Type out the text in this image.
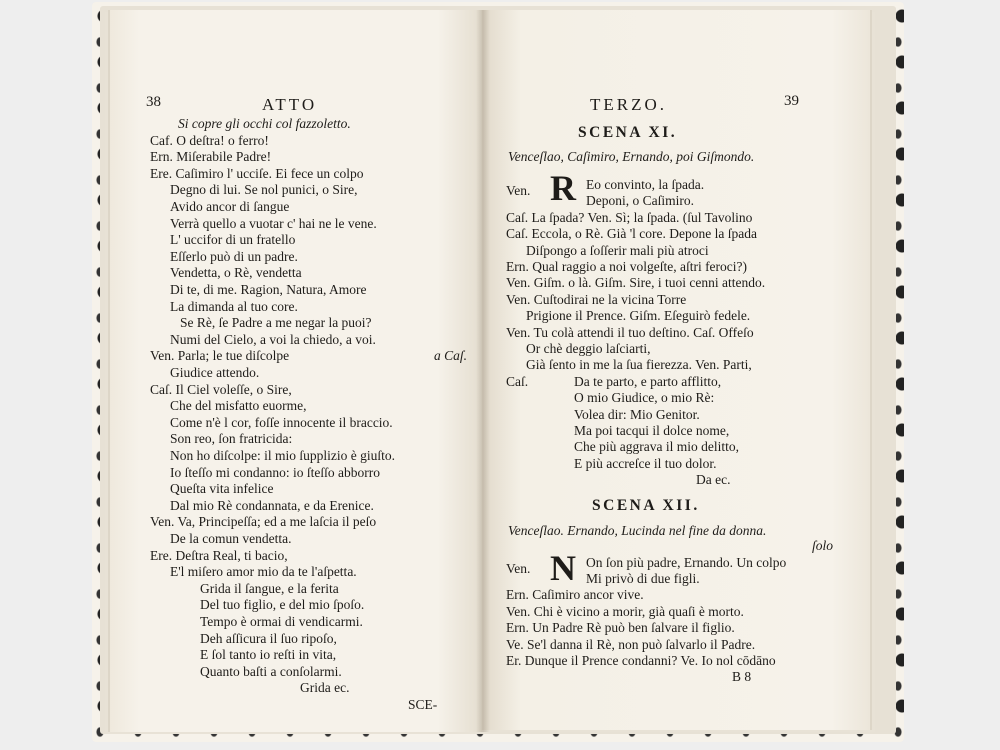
38	ATTO
Si copre gli occhi col fazzoletto.
Caf. O deſtra! o ferro!
Ern. Miſerabile Padre!
Ere. Caſimiro l' ucciſe. Ei fece un colpo
Degno di lui. Se nol punici, o Sire,
Avido ancor di ſangue
Verrà quello a vuotar c' hai ne le vene.
L' uccifor di un fratello
Eſſerlo può di un padre.
Vendetta, o Rè, vendetta
Di te, di me. Ragion, Natura, Amore
La dimanda al tuo core.
Se Rè, ſe Padre a me negar la puoi?
Numi del Cielo, a voi la chiedo, a voi.
Ven. Parla; le tue diſcolpe	a Caſ.
Giudice attendo.
Caſ. Il Ciel voleſſe, o Sire,
Che del misfatto euorme,
Come n'è l cor, foſſe innocente il braccio.
Son reo, ſon fratricida:
Non ho diſcolpe: il mio ſupplizio è giuſto.
Io ſteſſo mi condanno: io ſteſſo abborro
Queſta vita infelice
Dal mio Rè condannata, e da Erenice.
Ven. Va, Principeſſa; ed a me laſcia il peſo
De la comun vendetta.
Ere. Deſtra Real, ti bacio,
E'l miſero amor mio da te l'aſpetta.
Grida il ſangue, e la ferita
Del tuo figlio, e del mio ſpoſo.
Tempo è ormai di vendicarmi.
Deh aſſicura il ſuo ripoſo,
E ſol tanto io reſti in vita,
Quanto baſti a conſolarmi.
Grida ec.
SCE-
TERZO.	39
SCENA XI.
Venceſlao, Caſimiro, Ernando, poi Giſmondo.
R
Ven.	Eo convinto, la ſpada.
Deponi, o Caſimiro.
Caſ. La ſpada? Ven. Sì; la ſpada. (ſul Tavolino
Caſ. Eccola, o Rè. Già 'l core. Depone la ſpada
Diſpongo a ſoſſerir mali più atroci
Ern. Qual raggio a noi volgeſte, aſtri feroci?)
Ven. Giſm. o là. Giſm. Sire, i tuoi cenni attendo.
Ven. Cuſtodirai ne la vicina Torre
Prigione il Prence. Giſm. Eſeguirò fedele.
Ven. Tu colà attendi il tuo deſtino. Caſ. Offeſo
Or chè deggio laſciarti,
Già ſento in me la ſua fierezza. Ven. Parti,
Caſ.	Da te parto, e parto afflitto,
O mio Giudice, o mio Rè:
Volea dir: Mio Genitor.
Ma poi tacqui il dolce nome,
Che più aggrava il mio delitto,
E più accreſce il tuo dolor.
Da ec.
SCENA XII.
Venceſlao. Ernando, Lucinda nel fine da donna.
ſolo
N
Ven.	On ſon più padre, Ernando. Un colpo
Mi privò di due figli.
Ern. Caſimiro ancor vive.
Ven. Chi è vicino a morir, già quaſi è morto.
Ern. Un Padre Rè può ben ſalvare il figlio.
Ve. Se'l danna il Rè, non può ſalvarlo il Padre.
Er. Dunque il Prence condanni? Ve. Io nol cōdāno
B 8
